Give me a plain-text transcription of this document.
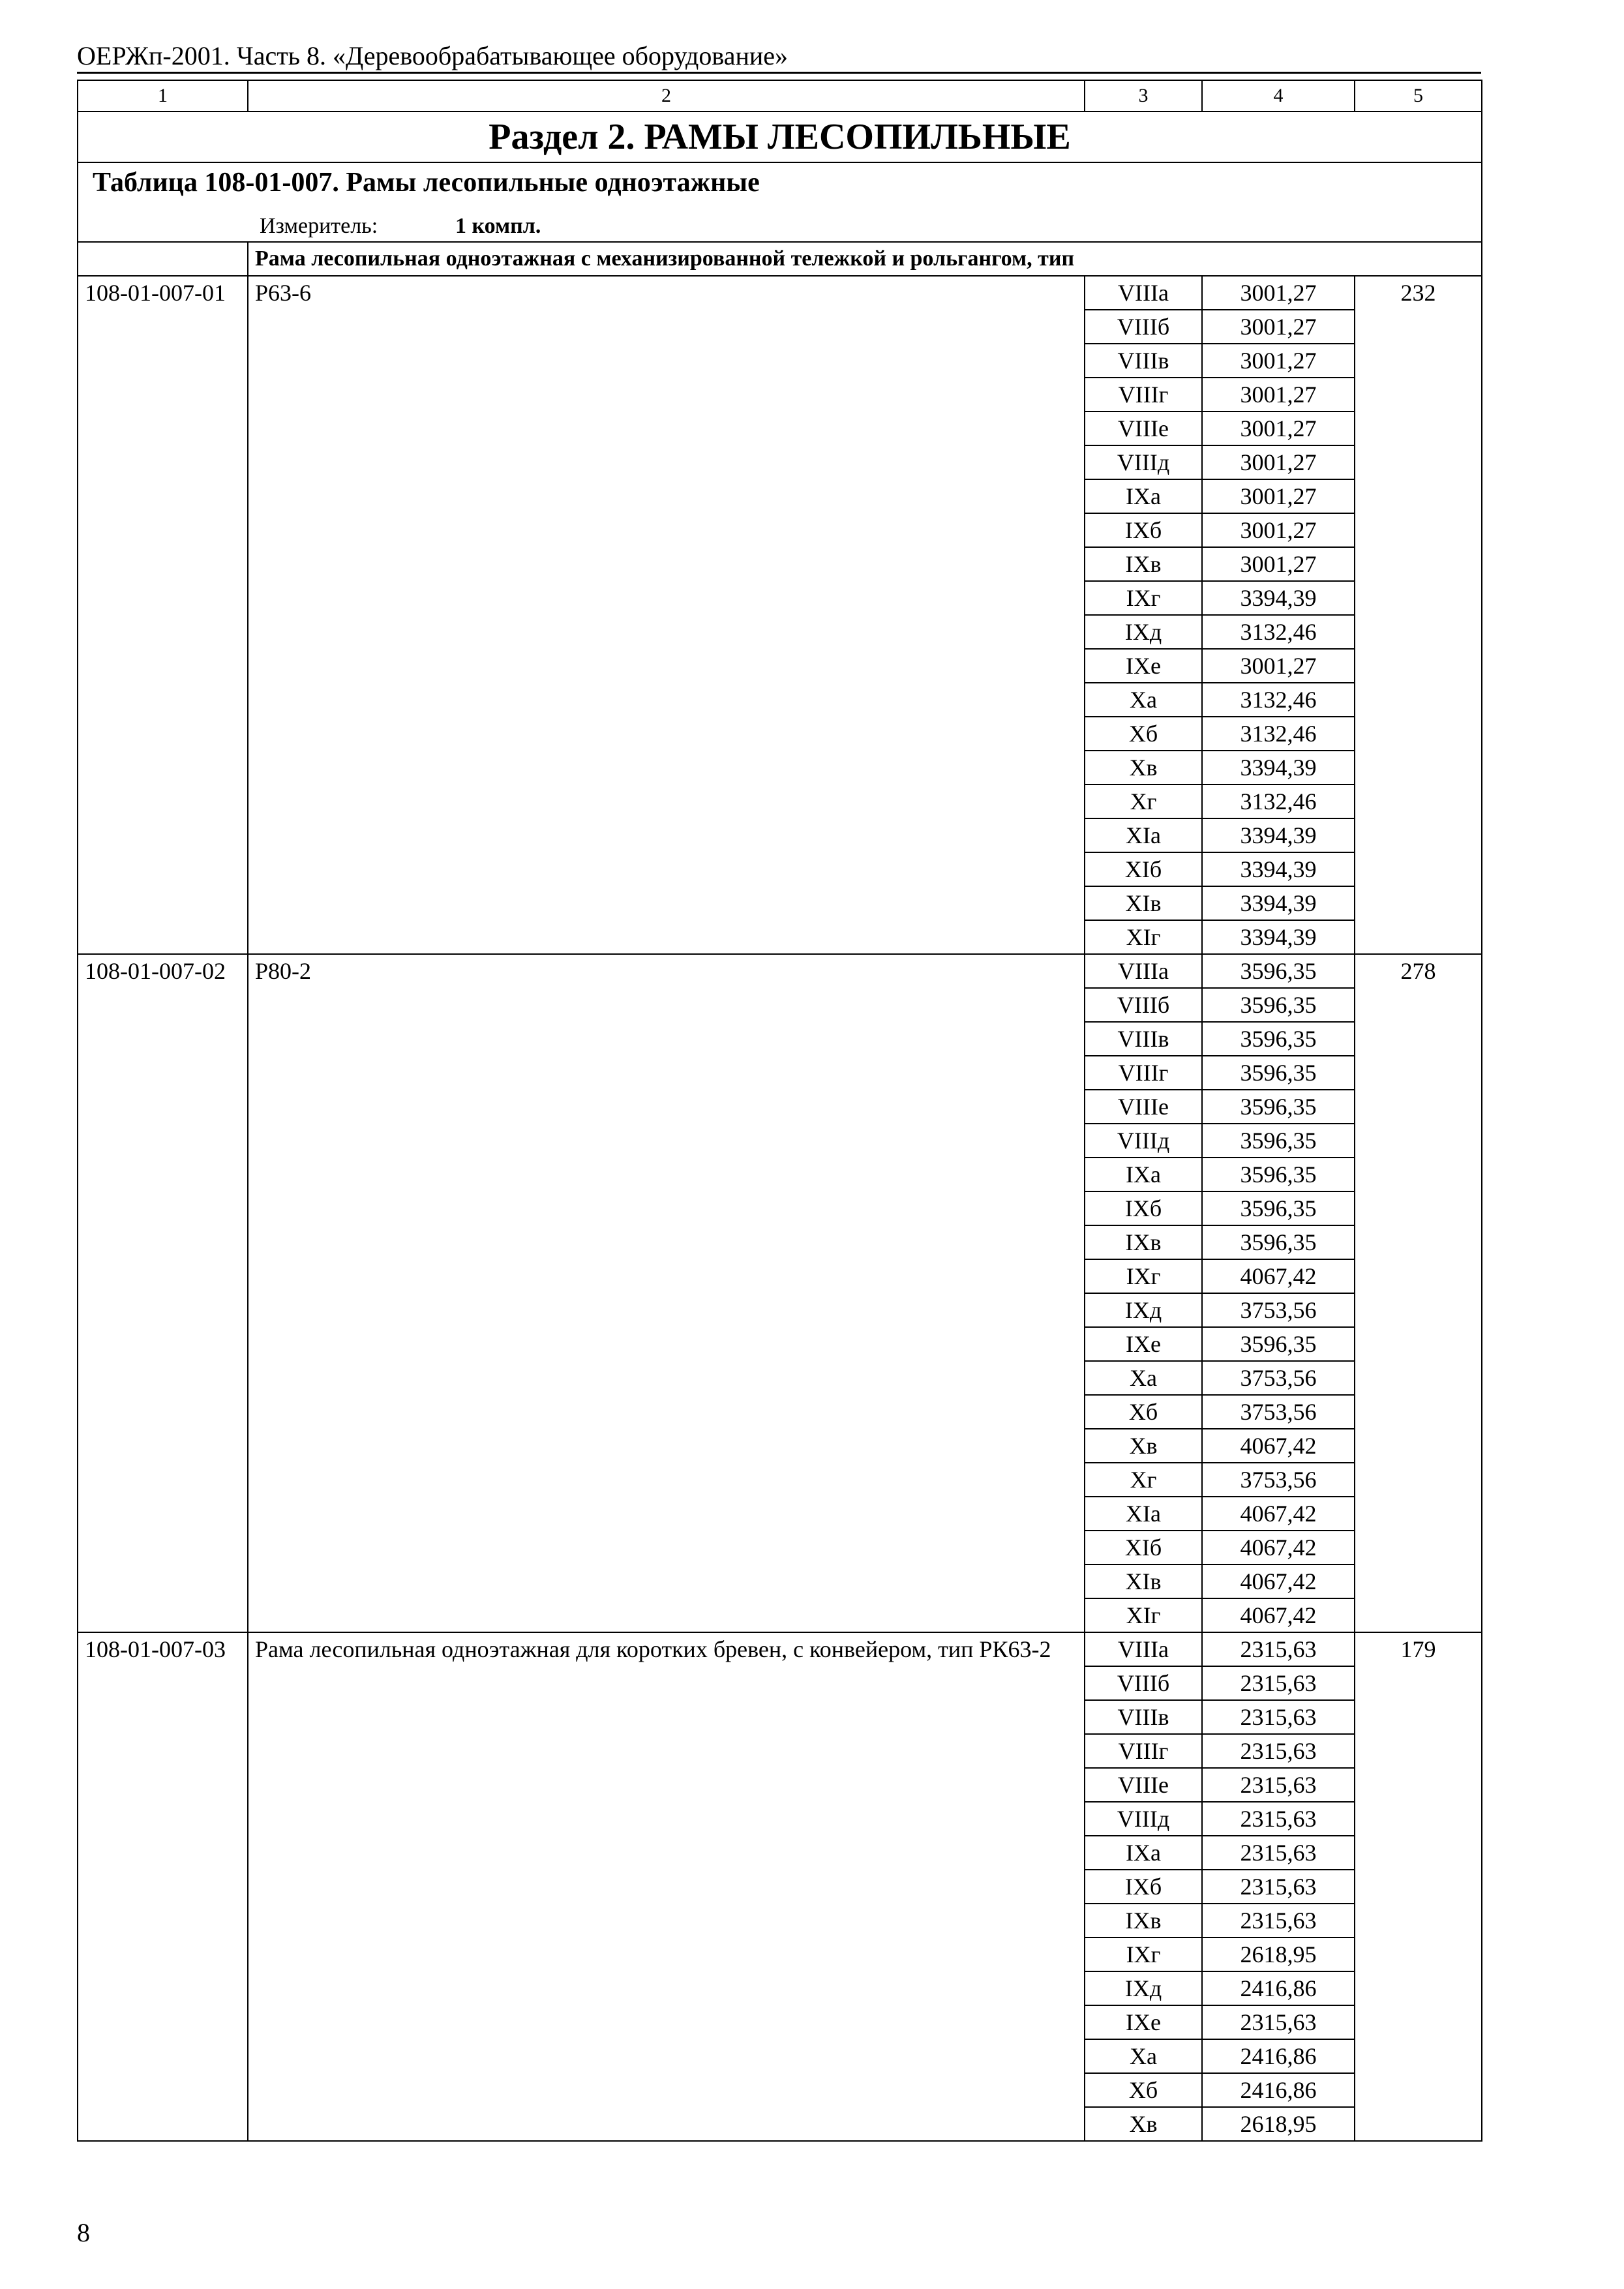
ОЕРЖп-2001. Часть 8. «Деревообрабатывающее оборудование»
1	2	3	4	5
Раздел 2. РАМЫ ЛЕСОПИЛЬНЫЕ				

Таблица 108-01-007. Рамы лесопильные одноэтажные
Измеритель: 1 компл.				

	Рама лесопильная одноэтажная с механизированной тележкой и рольгангом, тип			
108-01-007-01	Р63-6	VIIIа	3001,27	232
		VIIIб	3001,27	
		VIIIв	3001,27	
		VIIIг	3001,27	
		VIIIе	3001,27	
		VIIIд	3001,27	
		IХа	3001,27	
		IХб	3001,27	
		IХв	3001,27	
		IХг	3394,39	
		IХд	3132,46	
		IХе	3001,27	
		Ха	3132,46	
		Хб	3132,46	
		Хв	3394,39	
		Хг	3132,46	
		ХIа	3394,39	
		ХIб	3394,39	
		ХIв	3394,39	
		ХIг	3394,39	
108-01-007-02	Р80-2	VIIIа	3596,35	278
		VIIIб	3596,35	
		VIIIв	3596,35	
		VIIIг	3596,35	
		VIIIе	3596,35	
		VIIIд	3596,35	
		IХа	3596,35	
		IХб	3596,35	
		IХв	3596,35	
		IХг	4067,42	
		IХд	3753,56	
		IХе	3596,35	
		Ха	3753,56	
		Хб	3753,56	
		Хв	4067,42	
		Хг	3753,56	
		ХIа	4067,42	
		ХIб	4067,42	
		ХIв	4067,42	
		ХIг	4067,42	
108-01-007-03	Рама лесопильная одноэтажная для коротких бревен, с конвейером, тип РК63-2	VIIIа	2315,63	179
		VIIIб	2315,63	
		VIIIв	2315,63	
		VIIIг	2315,63	
		VIIIе	2315,63	
		VIIIд	2315,63	
		IХа	2315,63	
		IХб	2315,63	
		IХв	2315,63	
		IХг	2618,95	
		IХд	2416,86	
		IХе	2315,63	
		Ха	2416,86	
		Хб	2416,86	
		Хв	2618,95	
8
